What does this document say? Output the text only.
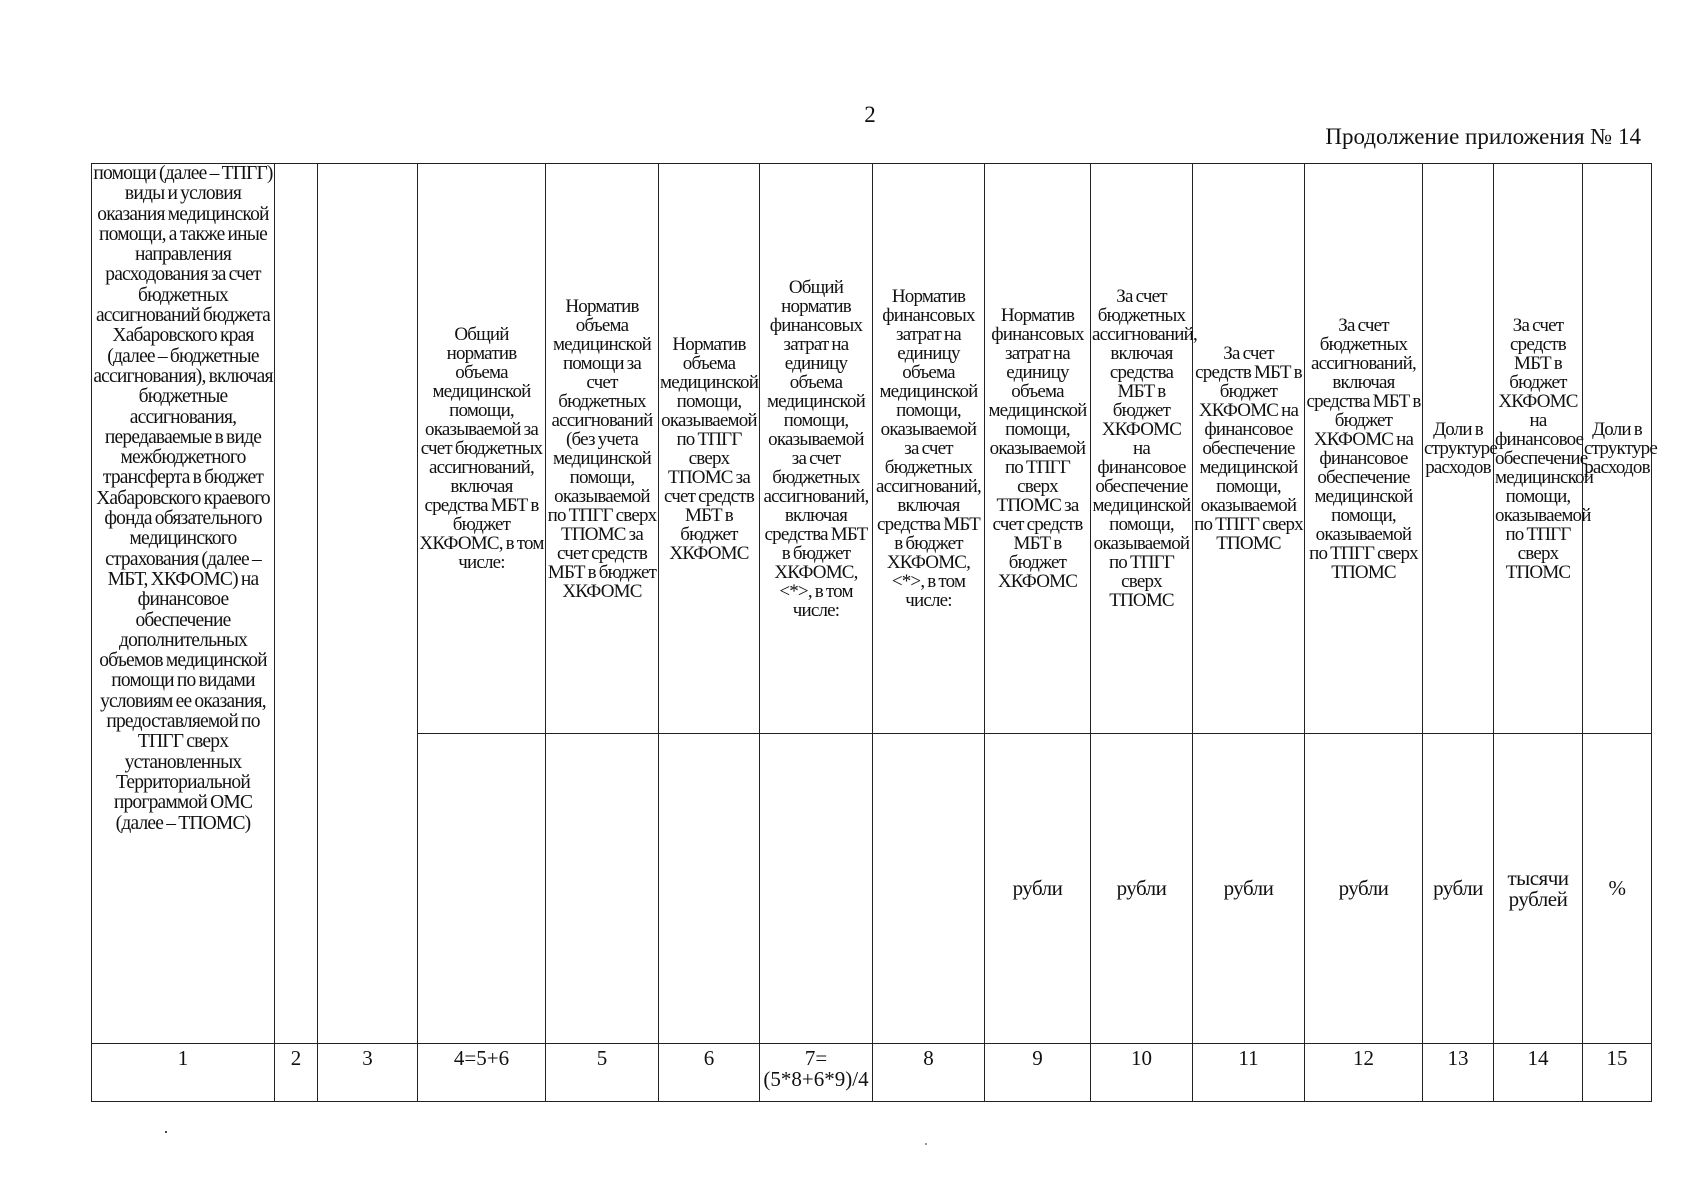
2
Продолжение приложения № 14
помощи (далее – ТПГГ) виды и условия оказания медицинской помощи, а также иные направления расходования за счет бюджетных ассигнований бюджета Хабаровского края (далее – бюджетные ассигнования), включая бюджетные ассигнования, передаваемые в виде межбюджетного трансферта в бюджет Хабаровского краевого фонда обязательного медицинского страхования (далее – МБТ, ХКФОМС) на финансовое обеспечение дополнительных объемов медицинской помощи по видами условиям ее оказания, предоставляемой по ТПГГ сверх установленных Территориальной программой ОМС (далее – ТПОМС)			Общий норматив объема медицинской помощи, оказываемой за счет бюджетных ассигнований, включая средства МБТ в бюджет ХКФОМС, в том числе:	Норматив объема медицинской помощи за счет бюджетных ассигнований (без учета медицинской помощи, оказываемой по ТПГГ сверх ТПОМС за счет средств МБТ в бюджет ХКФОМС	Норматив объема медицинской помощи, оказываемой по ТПГГ сверх ТПОМС за счет средств МБТ в бюджет ХКФОМС	Общий норматив финансовых затрат на единицу объема медицинской помощи, оказываемой за счет бюджетных ассигнований, включая средства МБТ в бюджет ХКФОМС, <*>, в том числе:	Норматив финансовых затрат на единицу объема медицинской помощи, оказываемой за счет бюджетных ассигнований, включая средства МБТ в бюджет ХКФОМС, <*>, в том числе:	Норматив финансовых затрат на единицу объема медицинской помощи, оказываемой по ТПГГ сверх ТПОМС за счет средств МБТ в бюджет ХКФОМС	За счет бюджетных ассигнований, включая средства МБТ в бюджет ХКФОМС на финансовое обеспечение медицинской помощи, оказываемой по ТПГГ сверх ТПОМС	За счет средств МБТ в бюджет ХКФОМС на финансовое обеспечение медицинской помощи, оказываемой по ТПГГ сверх ТПОМС	За счет бюджетных ассигнований, включая средства МБТ в бюджет ХКФОМС на финансовое обеспечение медицинской помощи, оказываемой по ТПГГ сверх ТПОМС	Доли в структуре расходов	За счет средств МБТ в бюджет ХКФОМС на финансовое обеспечение медицинской помощи, оказываемой по ТПГГ сверх ТПОМС	Доли в структуре расходов	
								рубли	рубли	рубли	рубли	рубли	тысячи рублей	%		
1	2	3	4=5+6	5	6	7=(5*8+6*9)/4	8	9	10	11	12	13	14	15	
